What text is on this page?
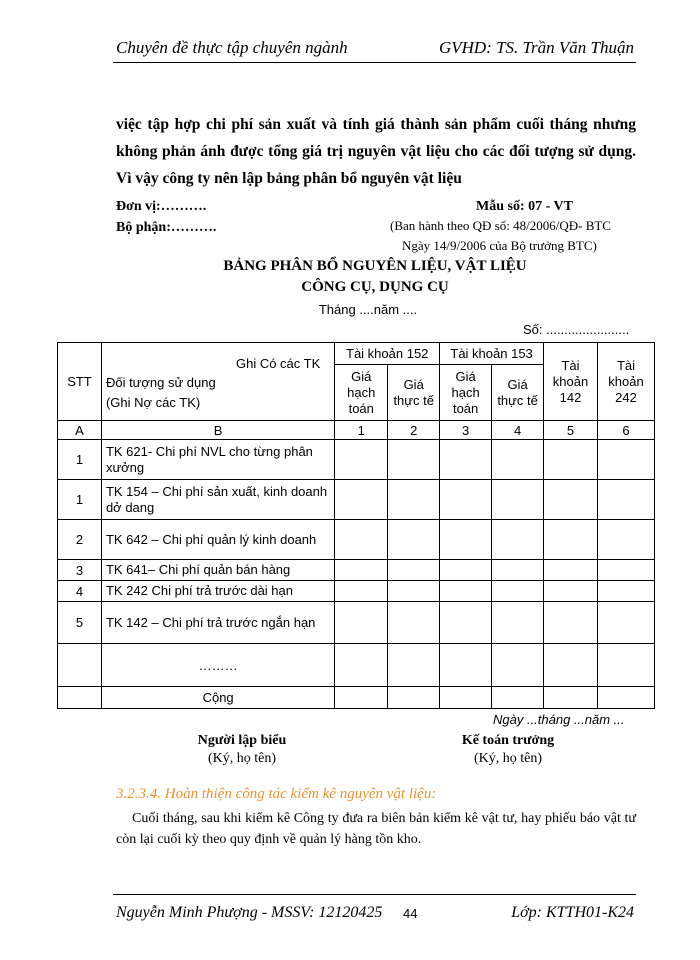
Chuyên đề thực tập chuyên ngành	GVHD: TS. Trần Văn Thuận
việc tập hợp chi phí sản xuất và tính giá thành sản phẩm cuối tháng nhưng
không phản ánh được tổng giá trị nguyên vật liệu cho các đối tượng sử dụng.
Vì vậy công ty nên lập bảng phân bổ nguyên vật liệu
Đơn vị:……….
Bộ phận:……….
Mẫu số: 07 - VT
(Ban hành theo QĐ số: 48/2006/QĐ- BTC
Ngày 14/9/2006 của Bộ trưởng BTC)
BẢNG PHÂN BỔ NGUYÊN LIỆU, VẬT LIỆU
CÔNG CỤ, DỤNG CỤ
Tháng ....năm ....
Số: .......................
STT	Ghi Có các TK
Đối tượng sử dụng
(Ghi Nợ các TK)	Tài khoản 152		Tài khoản 153		Tài khoản 142	Tài khoản 242
		Giá hạch toán	Giá thực tế	Giá hạch toán	Giá thực tế		
A	B	1	2	3	4	5	6
1	TK 621- Chi phí NVL cho từng phân xưởng						
1	TK 154 – Chi phí sản xuất, kinh doanh dở dang						
2	TK 642 – Chi phí quản lý kinh doanh						
3	TK 641– Chi phí quản bán hàng						
4	TK 242 Chi phí trả trước dài hạn						
5	TK 142 – Chi phí trả trước ngắn hạn						
	………						
	Cộng						
Ngày ...tháng ...năm ...
Người lập biểu
(Ký, họ tên)
Kế toán trưởng
(Ký, họ tên)
3.2.3.4. Hoàn thiện công tác kiểm kê nguyên vật liệu:
Cuối tháng, sau khi kiểm kê Công ty đưa ra biên bản kiểm kê vật tư, hay phiếu báo vật tư còn lại cuối kỳ theo quy định về quản lý hàng tồn kho.
Nguyễn Minh Phượng - MSSV: 12120425 44	Lớp: KTTH01-K24
